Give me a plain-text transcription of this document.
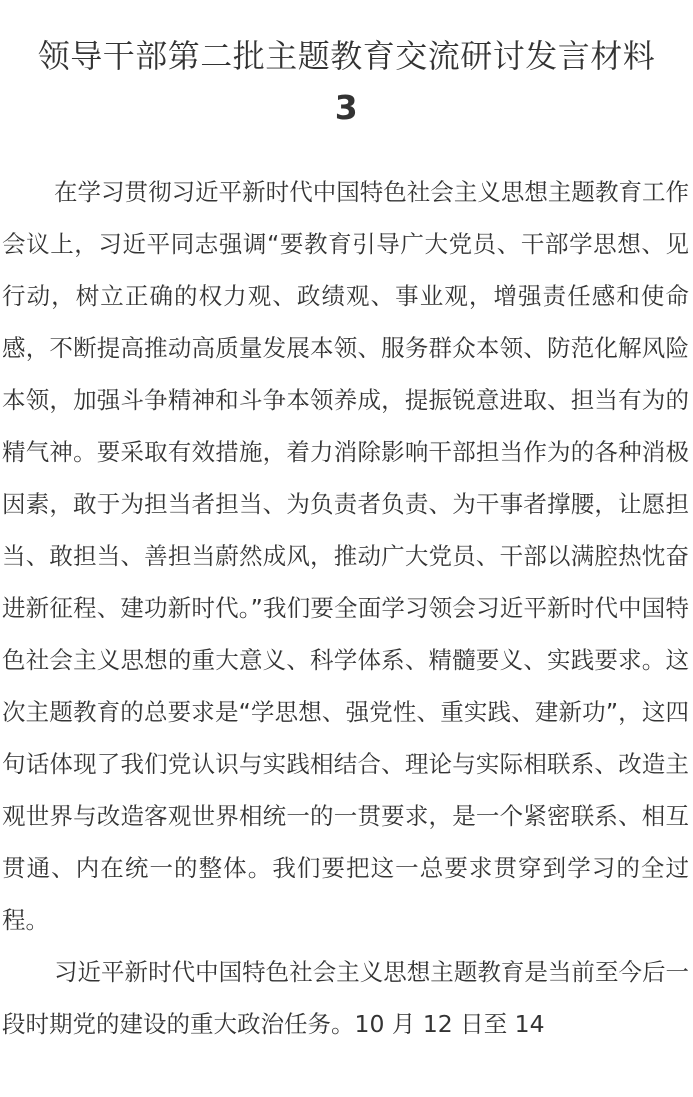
领导干部第二批主题教育交流研讨发言材料
3

在学习贯彻习近平新时代中国特色社会主义思想主题教育工作会议上，习近平同志强调“要教育引导广大党员、干部学思想、见行动，树立正确的权力观、政绩观、事业观，增强责任感和使命感，不断提高推动高质量发展本领、服务群众本领、防范化解风险本领，加强斗争精神和斗争本领养成，提振锐意进取、担当有为的精气神。要采取有效措施，着力消除影响干部担当作为的各种消极因素，敢于为担当者担当、为负责者负责、为干事者撑腰，让愿担当、敢担当、善担当蔚然成风，推动广大党员、干部以满腔热忱奋进新征程、建功新时代。”我们要全面学习领会习近平新时代中国特色社会主义思想的重大意义、科学体系、精髓要义、实践要求。这次主题教育的总要求是“学思想、强党性、重实践、建新功”，这四句话体现了我们党认识与实践相结合、理论与实际相联系、改造主观世界与改造客观世界相统一的一贯要求，是一个紧密联系、相互贯通、内在统一的整体。我们要把这一总要求贯穿到学习的全过程。

习近平新时代中国特色社会主义思想主题教育是当前至今后一段时期党的建设的重大政治任务。10 月 12 日至 14
